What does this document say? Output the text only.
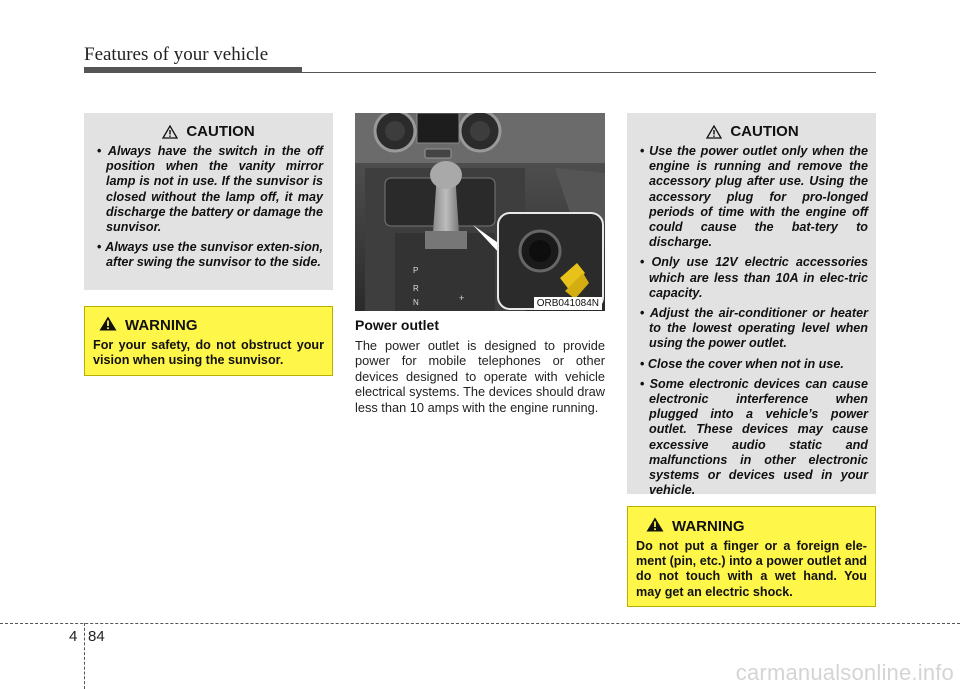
Features of your vehicle
CAUTION
• Always have the switch in the off position when the vanity mirror lamp is not in use. If the sunvisor is closed without the lamp off, it may discharge the battery or damage the sunvisor.
• Always use the sunvisor exten-sion, after swing the sunvisor to the side.
WARNING
For your safety, do not obstruct your vision when using the sunvisor.
P
R
N	+	ORB041084N
Power outlet
The power outlet is designed to provide power for mobile telephones or other devices designed to operate with vehicle electrical systems. The devices should draw less than 10 amps with the engine running.
CAUTION
• Use the power outlet only when the engine is running and remove the accessory plug after use. Using the accessory plug for pro-longed periods of time with the engine off could cause the bat-tery to discharge.
• Only use 12V electric accessories which are less than 10A in elec-tric capacity.
• Adjust the air-conditioner or heater to the lowest operating level when using the power outlet.
• Close the cover when not in use.
• Some electronic devices can cause electronic interference when plugged into a vehicle’s power outlet. These devices may cause excessive audio static and malfunctions in other electronic systems or devices used in your vehicle.
WARNING
Do not put a finger or a foreign ele-ment (pin, etc.) into a power outlet and do not touch with a wet hand. You may get an electric shock.
4 84
carmanualsonline.info
